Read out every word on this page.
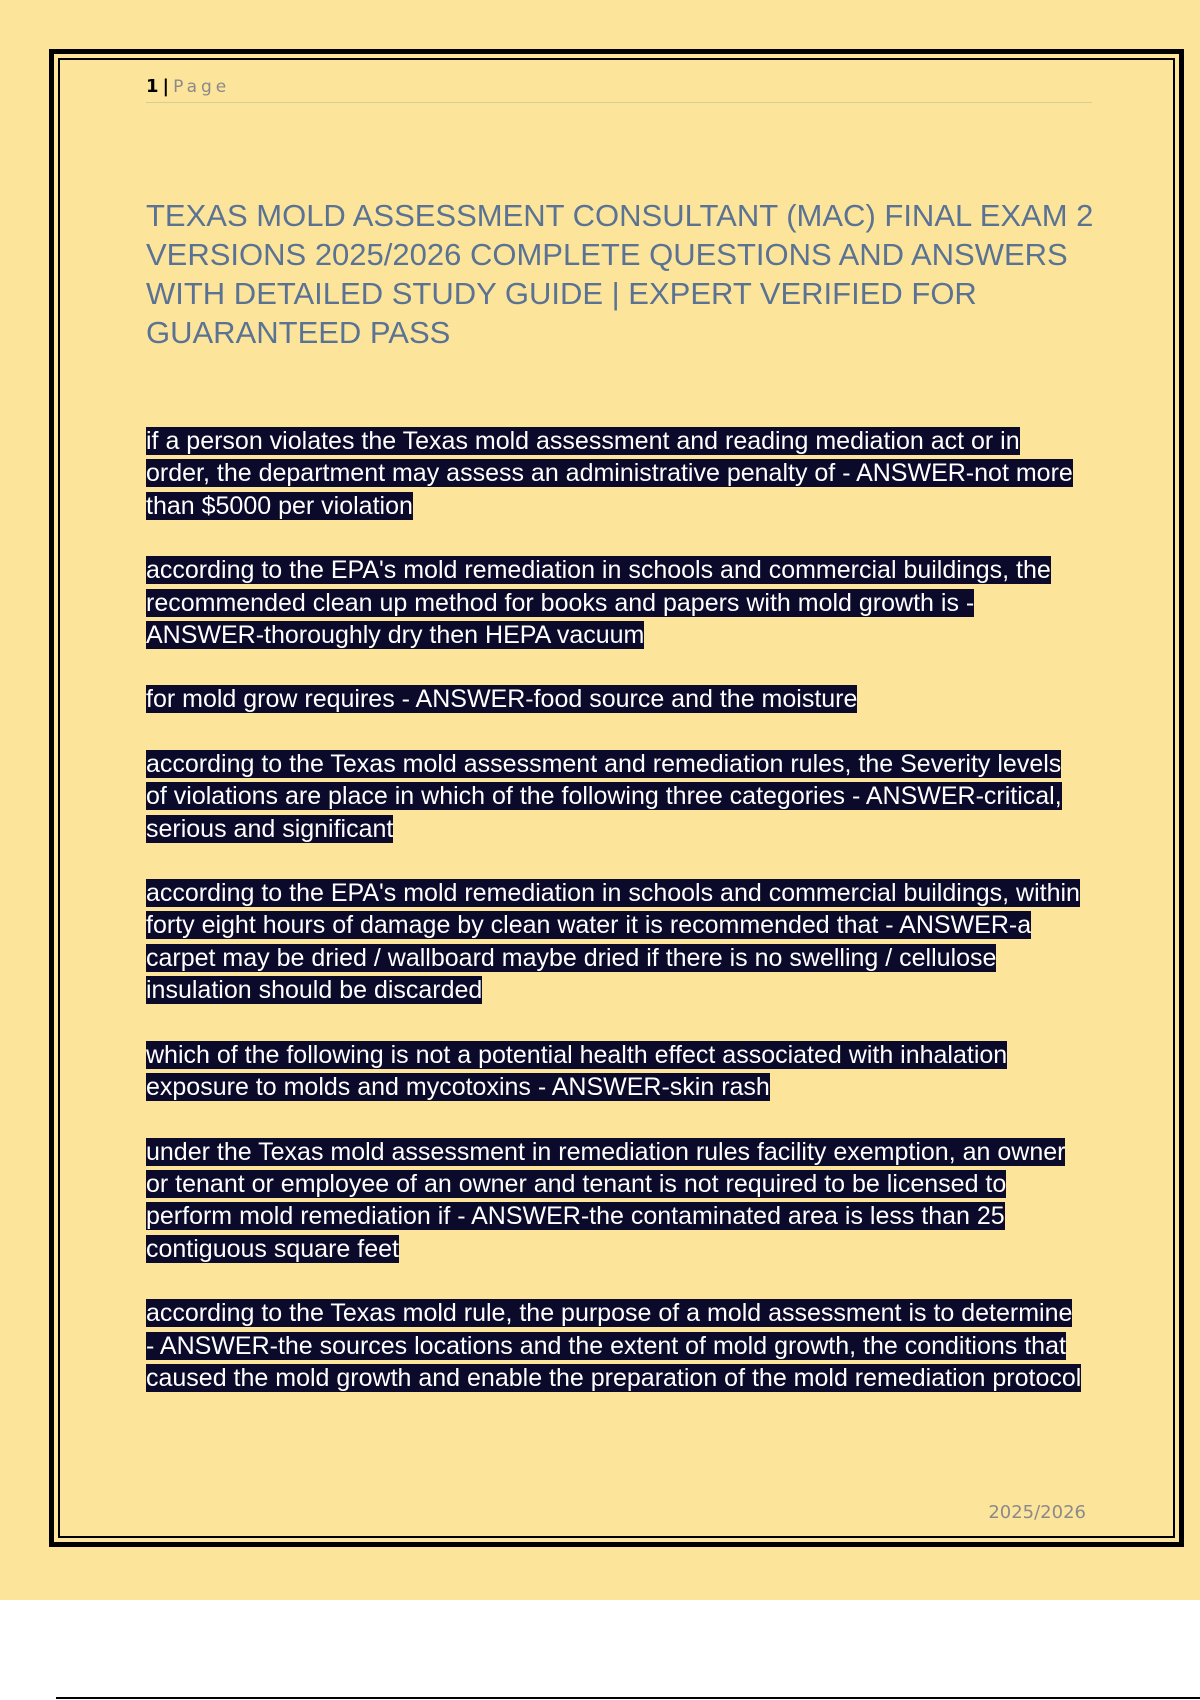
1 | Page
TEXAS MOLD ASSESSMENT CONSULTANT (MAC) FINAL EXAM 2 VERSIONS 2025/2026 COMPLETE QUESTIONS AND ANSWERS WITH DETAILED STUDY GUIDE | EXPERT VERIFIED FOR GUARANTEED PASS

if a person violates the Texas mold assessment and reading mediation act or in order, the department may assess an administrative penalty of - ANSWER-not more than $5000 per violation

according to the EPA's mold remediation in schools and commercial buildings, the recommended clean up method for books and papers with mold growth is - ANSWER-thoroughly dry then HEPA vacuum

for mold grow requires - ANSWER-food source and the moisture

according to the Texas mold assessment and remediation rules, the Severity levels of violations are place in which of the following three categories - ANSWER-critical, serious and significant

according to the EPA's mold remediation in schools and commercial buildings, within forty eight hours of damage by clean water it is recommended that - ANSWER-a carpet may be dried / wallboard maybe dried if there is no swelling / cellulose insulation should be discarded

which of the following is not a potential health effect associated with inhalation exposure to molds and mycotoxins - ANSWER-skin rash

under the Texas mold assessment in remediation rules facility exemption, an owner or tenant or employee of an owner and tenant is not required to be licensed to perform mold remediation if - ANSWER-the contaminated area is less than 25 contiguous square feet

according to the Texas mold rule, the purpose of a mold assessment is to determine - ANSWER-the sources locations and the extent of mold growth, the conditions that caused the mold growth and enable the preparation of the mold remediation protocol

2025/2026
